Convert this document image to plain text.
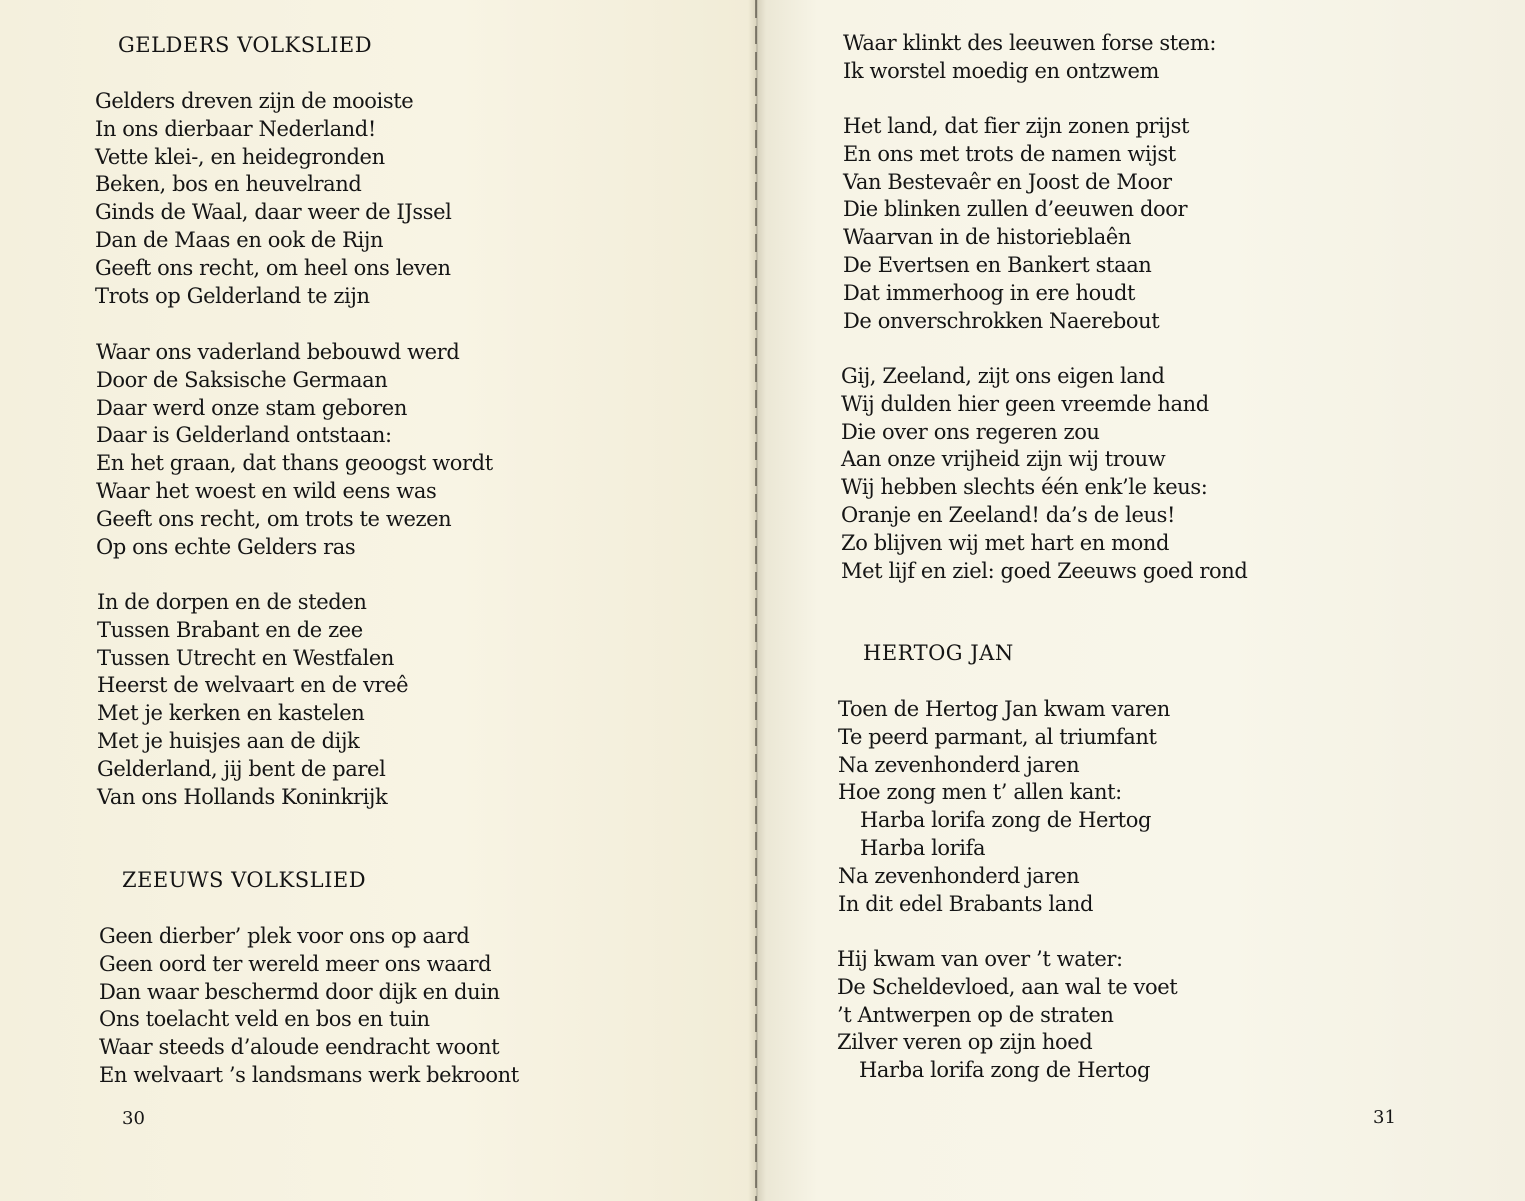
GELDERS VOLKSLIED
Gelders dreven zijn de mooiste
In ons dierbaar Nederland!
Vette klei-, en heidegronden
Beken, bos en heuvelrand
Ginds de Waal, daar weer de IJssel
Dan de Maas en ook de Rijn
Geeft ons recht, om heel ons leven
Trots op Gelderland te zijn
Waar ons vaderland bebouwd werd
Door de Saksische Germaan
Daar werd onze stam geboren
Daar is Gelderland ontstaan:
En het graan, dat thans geoogst wordt
Waar het woest en wild eens was
Geeft ons recht, om trots te wezen
Op ons echte Gelders ras
In de dorpen en de steden
Tussen Brabant en de zee
Tussen Utrecht en Westfalen
Heerst de welvaart en de vreê
Met je kerken en kastelen
Met je huisjes aan de dijk
Gelderland, jij bent de parel
Van ons Hollands Koninkrijk
ZEEUWS VOLKSLIED
Geen dierber’ plek voor ons op aard
Geen oord ter wereld meer ons waard
Dan waar beschermd door dijk en duin
Ons toelacht veld en bos en tuin
Waar steeds d’aloude eendracht woont
En welvaart ’s landsmans werk bekroont
30
Waar klinkt des leeuwen forse stem:
Ik worstel moedig en ontzwem
Het land, dat fier zijn zonen prijst
En ons met trots de namen wijst
Van Bestevaêr en Joost de Moor
Die blinken zullen d’eeuwen door
Waarvan in de historieblaên
De Evertsen en Bankert staan
Dat immerhoog in ere houdt
De onverschrokken Naerebout
Gij, Zeeland, zijt ons eigen land
Wij dulden hier geen vreemde hand
Die over ons regeren zou
Aan onze vrijheid zijn wij trouw
Wij hebben slechts één enk’le keus:
Oranje en Zeeland! da’s de leus!
Zo blijven wij met hart en mond
Met lijf en ziel: goed Zeeuws goed rond
HERTOG JAN
Toen de Hertog Jan kwam varen
Te peerd parmant, al triumfant
Na zevenhonderd jaren
Hoe zong men t’ allen kant:
Harba lorifa zong de Hertog
Harba lorifa
Na zevenhonderd jaren
In dit edel Brabants land
Hij kwam van over ’t water:
De Scheldevloed, aan wal te voet
’t Antwerpen op de straten
Zilver veren op zijn hoed
Harba lorifa zong de Hertog
31
